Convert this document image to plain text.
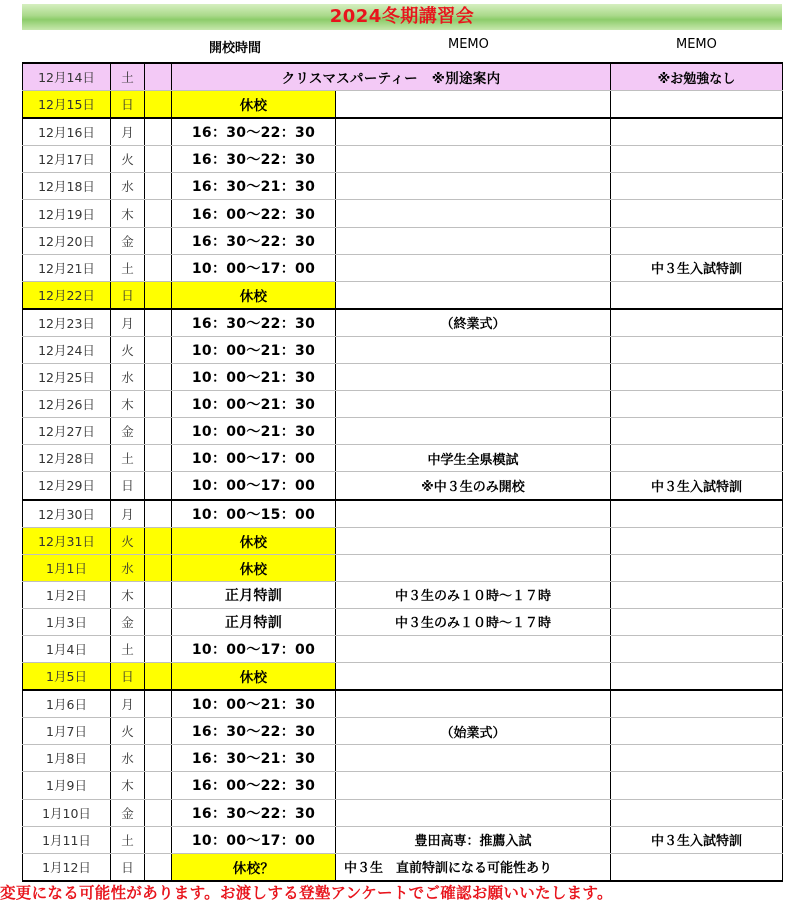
2024冬期講習会
開校時間	MEMO	MEMO
12月14日	土		クリスマスパーティー　※別途案内		※お勉強なし
12月15日	日		休校		
12月16日	月		16：30～22：30		
12月17日	火		16：30～22：30		
12月18日	水		16：30～21：30		
12月19日	木		16：00～22：30		
12月20日	金		16：30～22：30		
12月21日	土		10：00～17：00		中３生入試特訓
12月22日	日		休校		
12月23日	月		16：30～22：30	（終業式）	
12月24日	火		10：00～21：30		
12月25日	水		10：00～21：30		
12月26日	木		10：00～21：30		
12月27日	金		10：00～21：30		
12月28日	土		10：00～17：00	中学生全県模試	
12月29日	日		10：00～17：00	※中３生のみ開校	中３生入試特訓
12月30日	月		10：00～15：00		
12月31日	火		休校		
1月1日	水		休校		
1月2日	木		正月特訓	中３生のみ１０時～１７時	
1月3日	金		正月特訓	中３生のみ１０時～１７時	
1月4日	土		10：00～17：00		
1月5日	日		休校		
1月6日	月		10：00～21：30		
1月7日	火		16：30～22：30	（始業式）	
1月8日	水		16：30～21：30		
1月9日	木		16：00～22：30		
1月10日	金		16：30～22：30		
1月11日	土		10：00～17：00	豊田高専：推薦入試	中３生入試特訓
1月12日	日		休校？	中３生　直前特訓になる可能性あり	
変更になる可能性があります。お渡しする登塾アンケートでご確認お願いいたします。
